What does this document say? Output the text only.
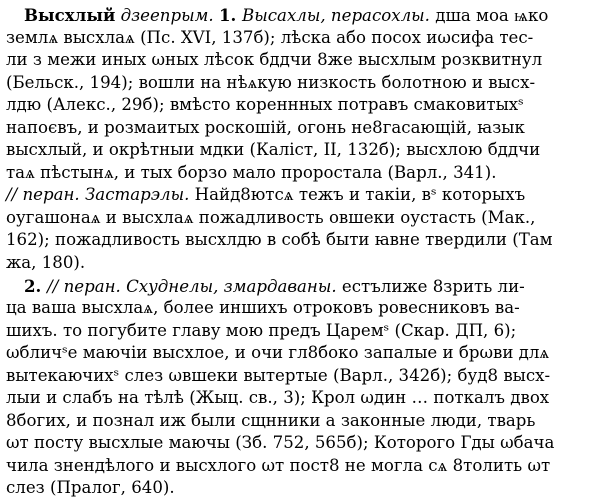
Высхлый дзеeпрым. 1. Высахлы, перасохлы. дша моа ѩко
землѧ высхлаѧ (Пс. XVI, 137б); лѣска або посох иωсифа тес-
ли з межи иных ωных лѣсок бддчи 8же высхлым розквитнул
(Бельск., 194); вошли на нѣѧкую низкость болотною и высх-
лдю (Алекс., 29б); вмѣсто кореннных потравъ смаковитыхˢ
напоєвъ, и розмаитых роскошій, огонь не8гасающій, ꙗзык
высхлый, и окрѣтныи мдки (Каліст, II, 132б); высхлою бддчи
таѧ пѣстынѧ, и тых борзо мало проростала (Варл., 341).
// перан. Застарэлы. Найд8ютсѧ тежъ и такіи, вˢ которыхъ
оугашонаѧ и высхлаѧ пожадливость овшеки оустасть (Мак.,
162); пожадливость высхлдю в собѣ быти ꙗвне твердили (Там
жа, 180).
2. // перан. Схуднелы, змардаваны. естълиже 8зрить ли-
ца ваша высхлаѧ, более иншихъ отроковъ ровесниковъ ва-
шихъ. то погубите главу мою предъ Царемˢ (Скар. ДП, 6);
ωбличˢе маючіи высхлое, и очи гл8боко запалые и брωви длѧ
вытекаючихˢ слез ωвшеки вытертые (Варл., 342б); буд8 высх-
лыи и слабъ на тѣлѣ (Жыц. св., 3); Крол ωдин … поткалъ двох
8богих, и познал иж были сщнники а законные люди, тварь
ωт посту высхлые маючы (Зб. 752, 565б); Которого Гды ωбача
чила знендѣлого и высхлого ωт пост8 не могла сѧ 8толить ωт
слез (Пралог, 640).
